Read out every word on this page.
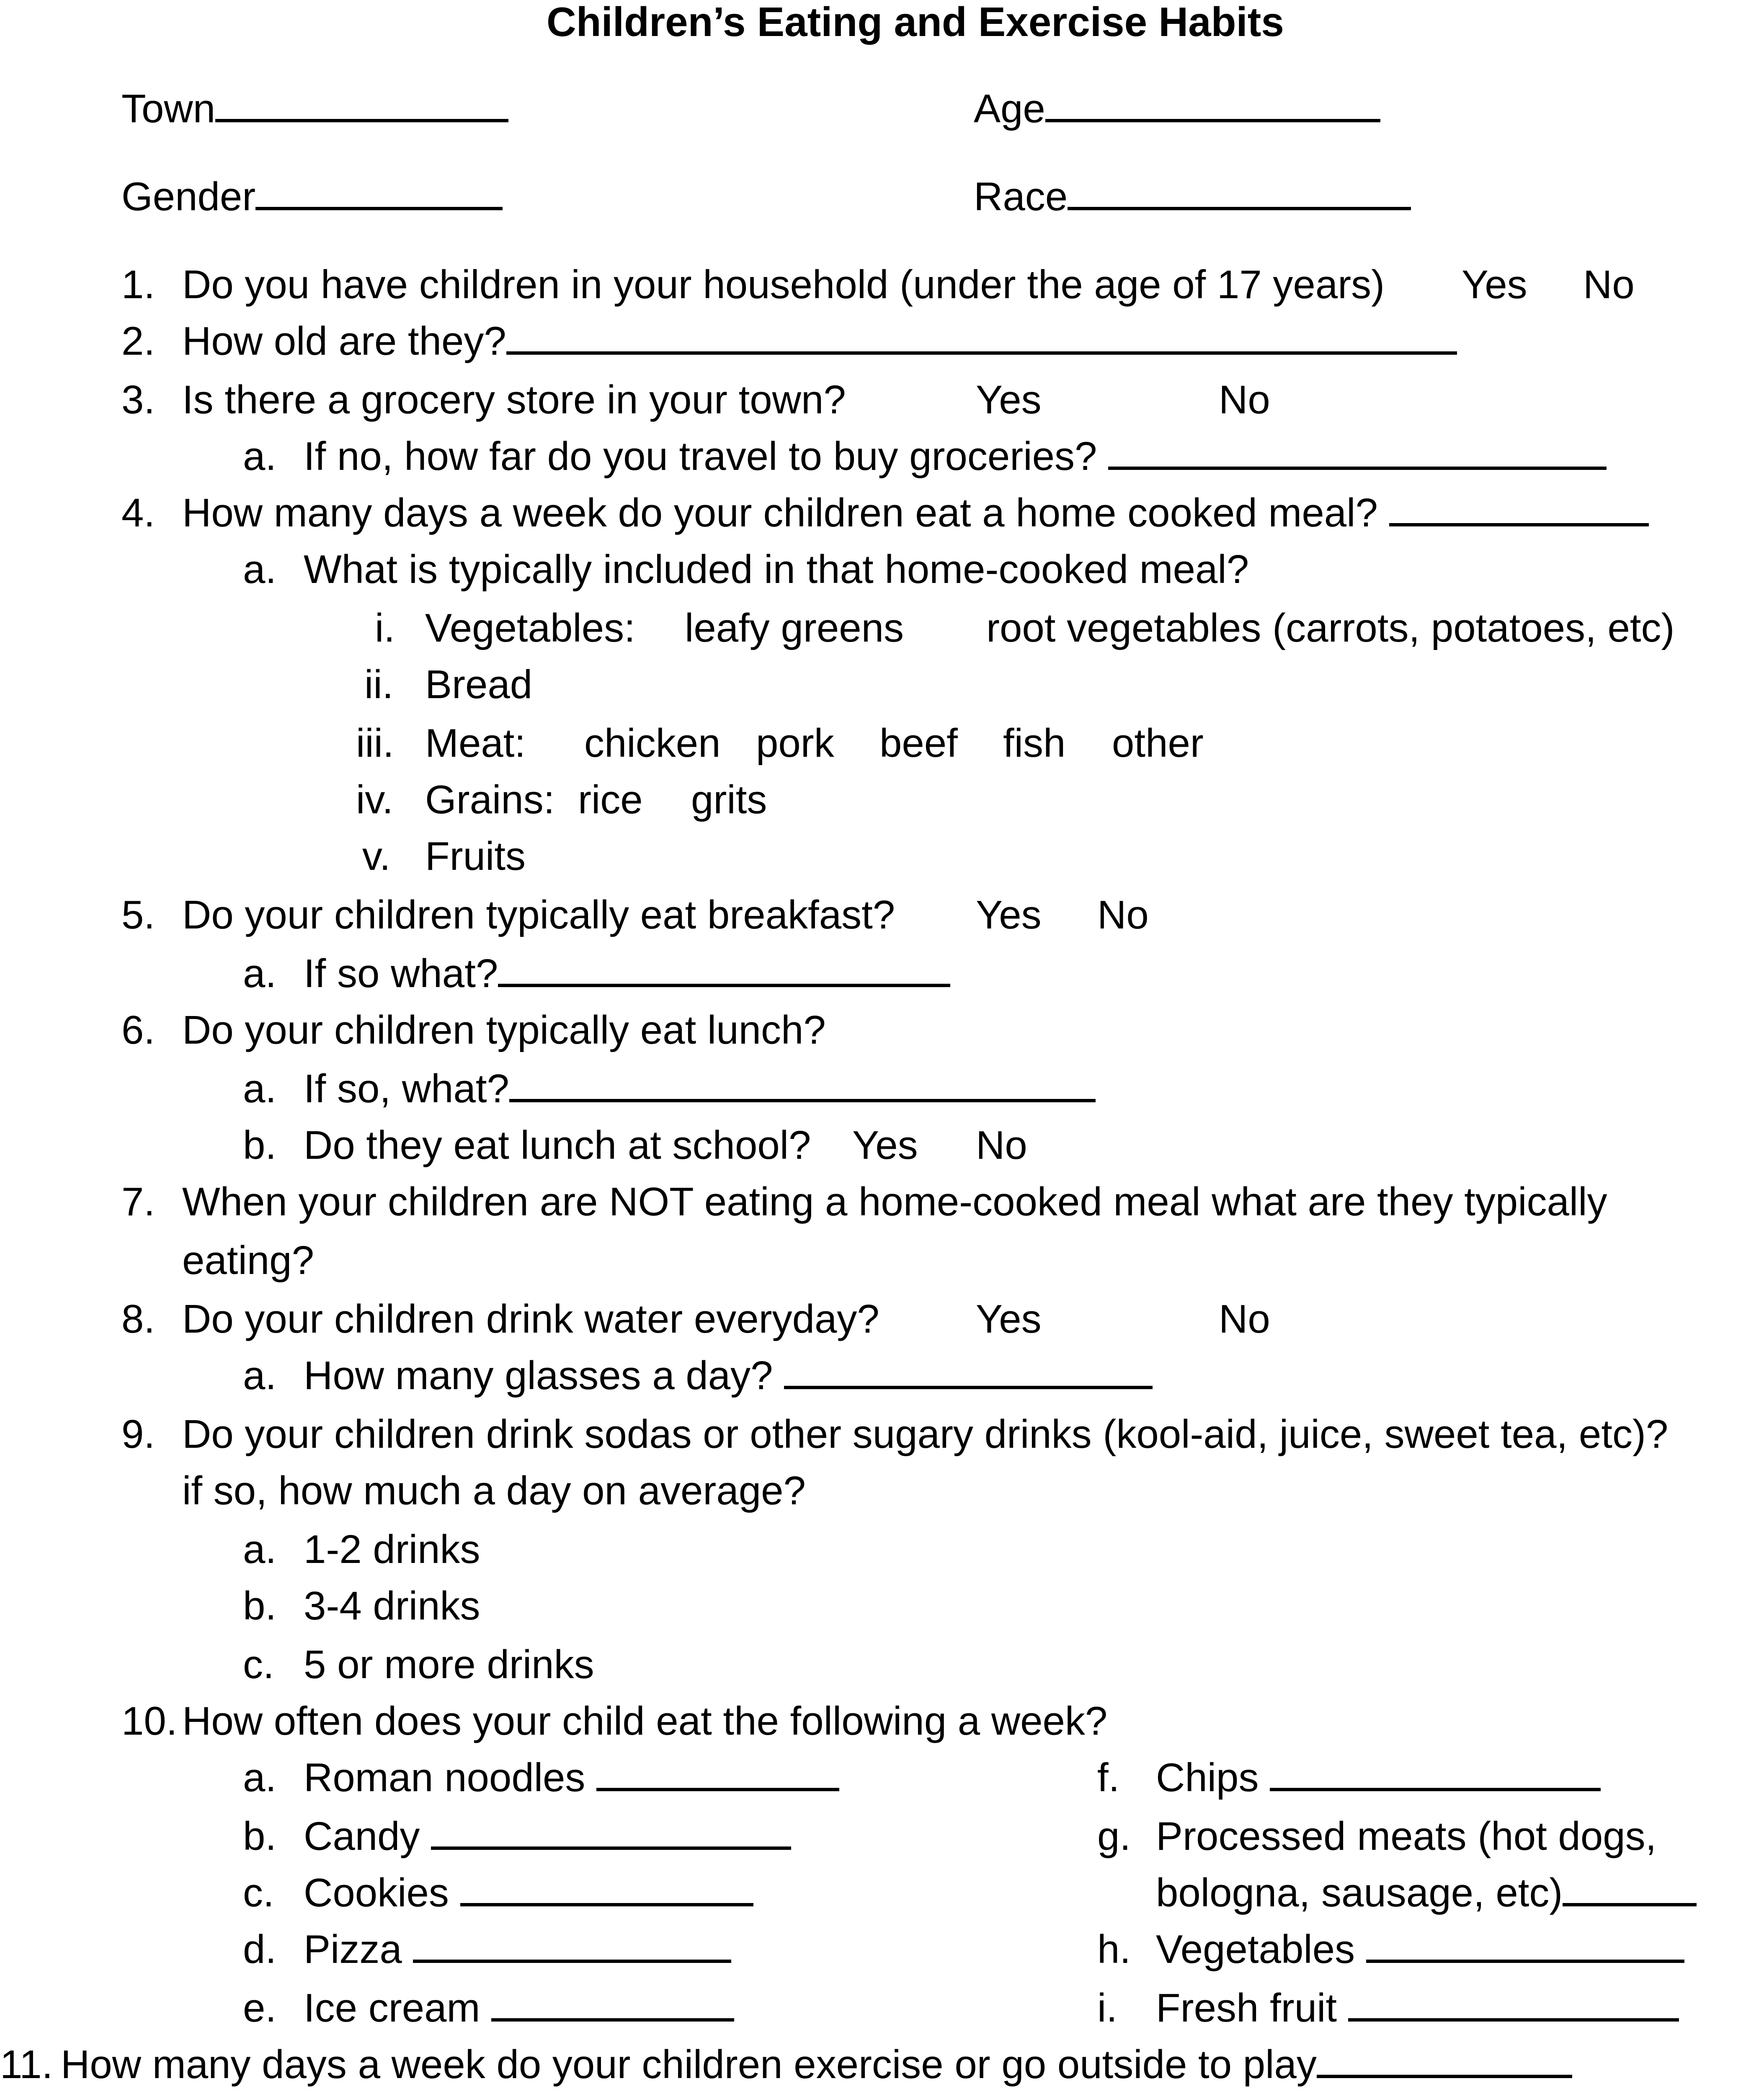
Children’s Eating and Exercise Habits
Town	Age
Gender	Race
1. Do you have children in your household (under the age of 17 years) Yes No
2. How old are they?
3. Is there a grocery store in your town?	Yes	No
a. If no, how far do you travel to buy groceries?
4. How many days a week do your children eat a home cooked meal?
a. What is typically included in that home-cooked meal?
i. Vegetables: leafy greens root vegetables (carrots, potatoes, etc)
ii. Bread
iii. Meat: chicken pork beef fish other
iv. Grains: rice grits
v. Fruits
5. Do your children typically eat breakfast? Yes No
a. If so what?
6. Do your children typically eat lunch?
a. If so, what?
b. Do they eat lunch at school? Yes No
7. When your children are NOT eating a home-cooked meal what are they typically
eating?
8. Do your children drink water everyday? Yes	No
a. How many glasses a day?
9. Do your children drink sodas or other sugary drinks (kool-aid, juice, sweet tea, etc)?
if so, how much a day on average?
a. 1-2 drinks
b. 3-4 drinks
c. 5 or more drinks
10. How often does your child eat the following a week?
a. Roman noodles
b. Candy
c. Cookies
d. Pizza
e. Ice cream
f. Chips
g. Processed meats (hot dogs,
bologna, sausage, etc)
h. Vegetables
i. Fresh fruit
11. How many days a week do your children exercise or go outside to play
